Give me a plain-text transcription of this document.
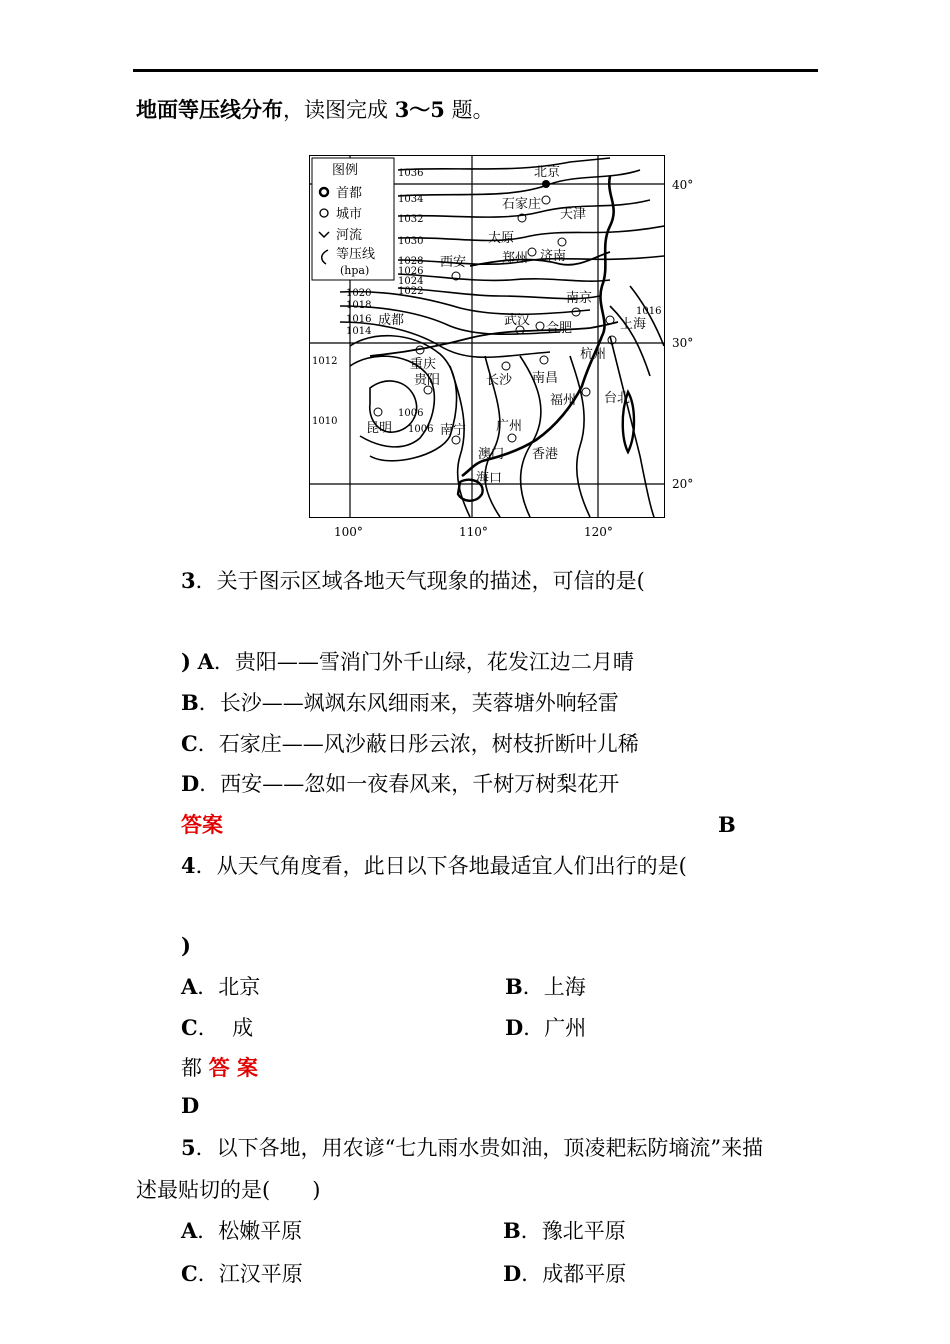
地面等压线分布，读图完成 3～5 题。
图例
首都
城市
河流
等压线
(hpa)
1036
1034
1032
1030
1028
1026
1024
1022
1020
1018
1016
1014
1012
1010
1006
1006
1016
北京
石家庄
天津
太原
西安	郑州 济南
南京
成都	武汉
合肥	上海
杭州
重庆
贵阳	长沙 南昌
福州 台北
昆明	南宁 广州
澳门 香港
海口
40°
30°
20°
100°	110°	120°
3．关于图示区域各地天气现象的描述，可信的是(
) A．贵阳——雪消门外千山绿，花发江边二月晴
B．长沙——飒飒东风细雨来，芙蓉塘外响轻雷
C．石家庄——风沙蔽日彤云浓，树枝折断叶儿稀
D．西安——忽如一夜春风来，千树万树梨花开
答案	B
4．从天气角度看，此日以下各地最适宜人们出行的是(
)
A．北京	B．上海
C．  成	D．广州
都 答 案
D
5．以下各地，用农谚“七九雨水贵如油，顶凌耙耘防墒流”来描
述最贴切的是(　　)
A．松嫩平原	B．豫北平原
C．江汉平原	D．成都平原
